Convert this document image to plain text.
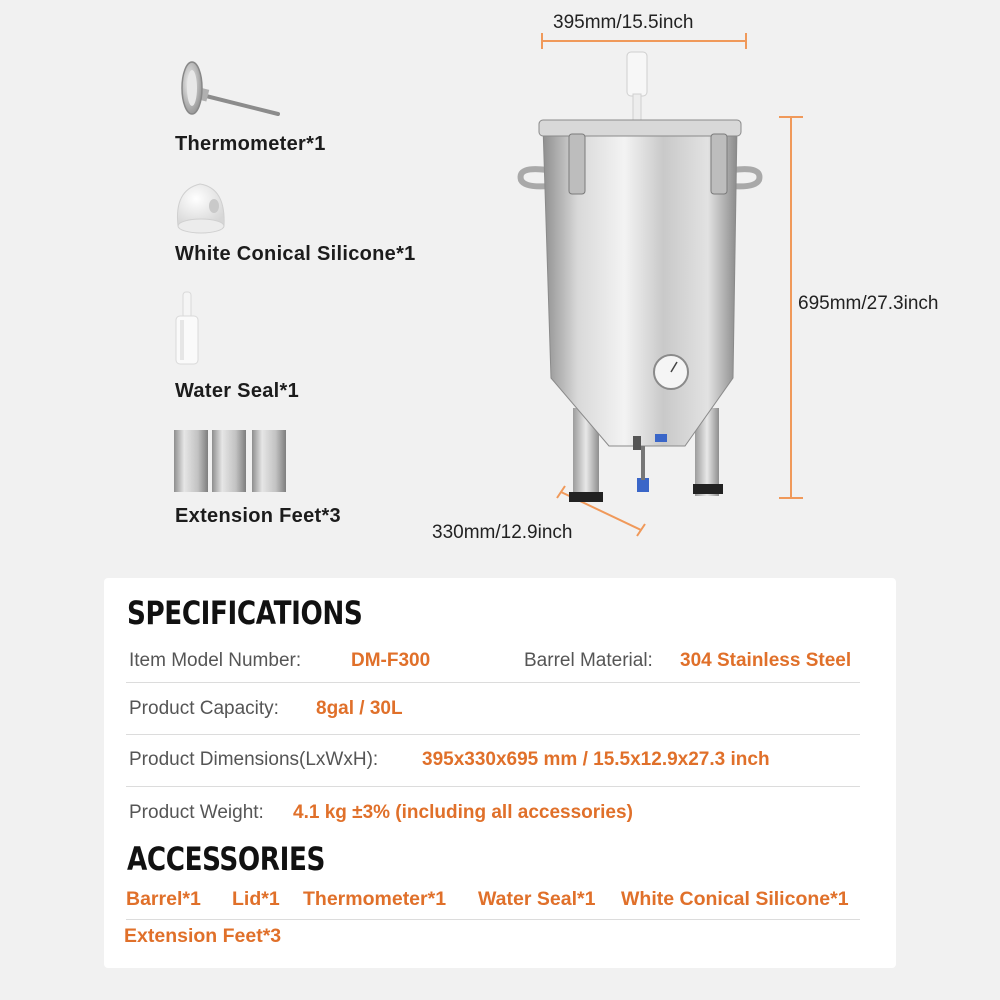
Thermometer*1
White Conical Silicone*1
Water Seal*1
Extension Feet*3
395mm/15.5inch
695mm/27.3inch
330mm/12.9inch
SPECIFICATIONS
Item Model Number:	DM-F300	Barrel Material: 304 Stainless Steel
Product Capacity: 8gal / 30L
Product Dimensions(LxWxH): 395x330x695 mm / 15.5x12.9x27.3 inch
Product Weight: 4.1 kg ±3% (including all accessories)
ACCESSORIES
Barrel*1 Lid*1 Thermometer*1 Water Seal*1 White Conical Silicone*1
Extension Feet*3
